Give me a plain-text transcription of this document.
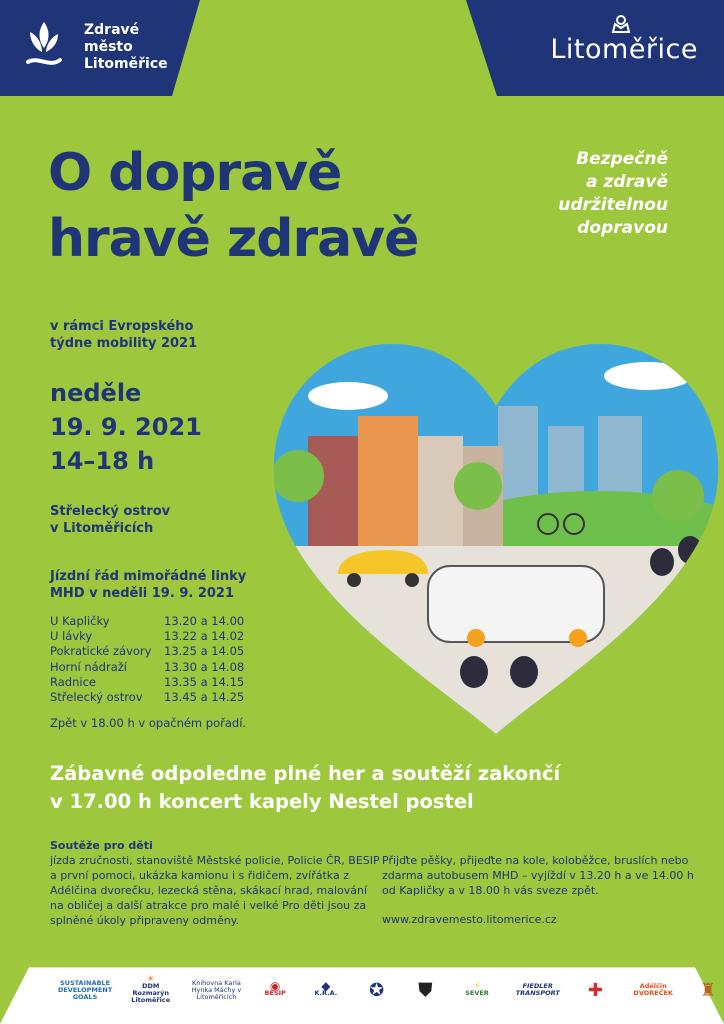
Zdravé
město
Litoměřice	Litoměřice
O dopravě
hravě zdravě
Bezpečně
a zdravě
udržitelnou
dopravou
v rámci Evropského
týdne mobility 2021
neděle
19. 9. 2021
14–18 h
Střelecký ostrov
v Litoměřicích
Jízdní řád mimořádné linky
MHD v neděli 19. 9. 2021
U Kapličky	13.20 a 14.00
U lávky	13.22 a 14.02
Pokratické závory	13.25 a 14.05
Horní nádraží	13.30 a 14.08
Radnice	13.35 a 14.15
Střelecký ostrov	13.45 a 14.25
Zpět v 18.00 h v opačném pořadí.
Zábavné odpoledne plné her a soutěží zakončí
v 17.00 h koncert kapely Nestel postel
Soutěže pro děti
jízda zručnosti, stanoviště Městské policie, Policie ČR, BESIP a první pomoci, ukázka kamionu i s řidičem, zvířátka z Adélčina dvorečku, lezecká stěna, skákací hrad, malování na obličej a další atrakce pro malé i velké Pro děti jsou za splněné úkoly připraveny odměny.
Přijďte pěšky, přijeďte na kole, koloběžce, bruslích nebo zdarma autobusem MHD – vyjíždí v 13.20 h a ve 14.00 h od Kapličky a v 18.00 h vás sveze zpět.
www.zdravemesto.litomerice.cz
SUSTAINABLE DEVELOPMENT GOALS
✶
DDM Rozmarýn Litoměřice
Knihovna Karla Hynka Máchy v Litoměřicích
◉
BESIP	◆
K.R.A. ✪ ⛊	⚡
SEVER
FIEDLER TRANSPORT ✚	Adélčin DVOREČEK ♜
